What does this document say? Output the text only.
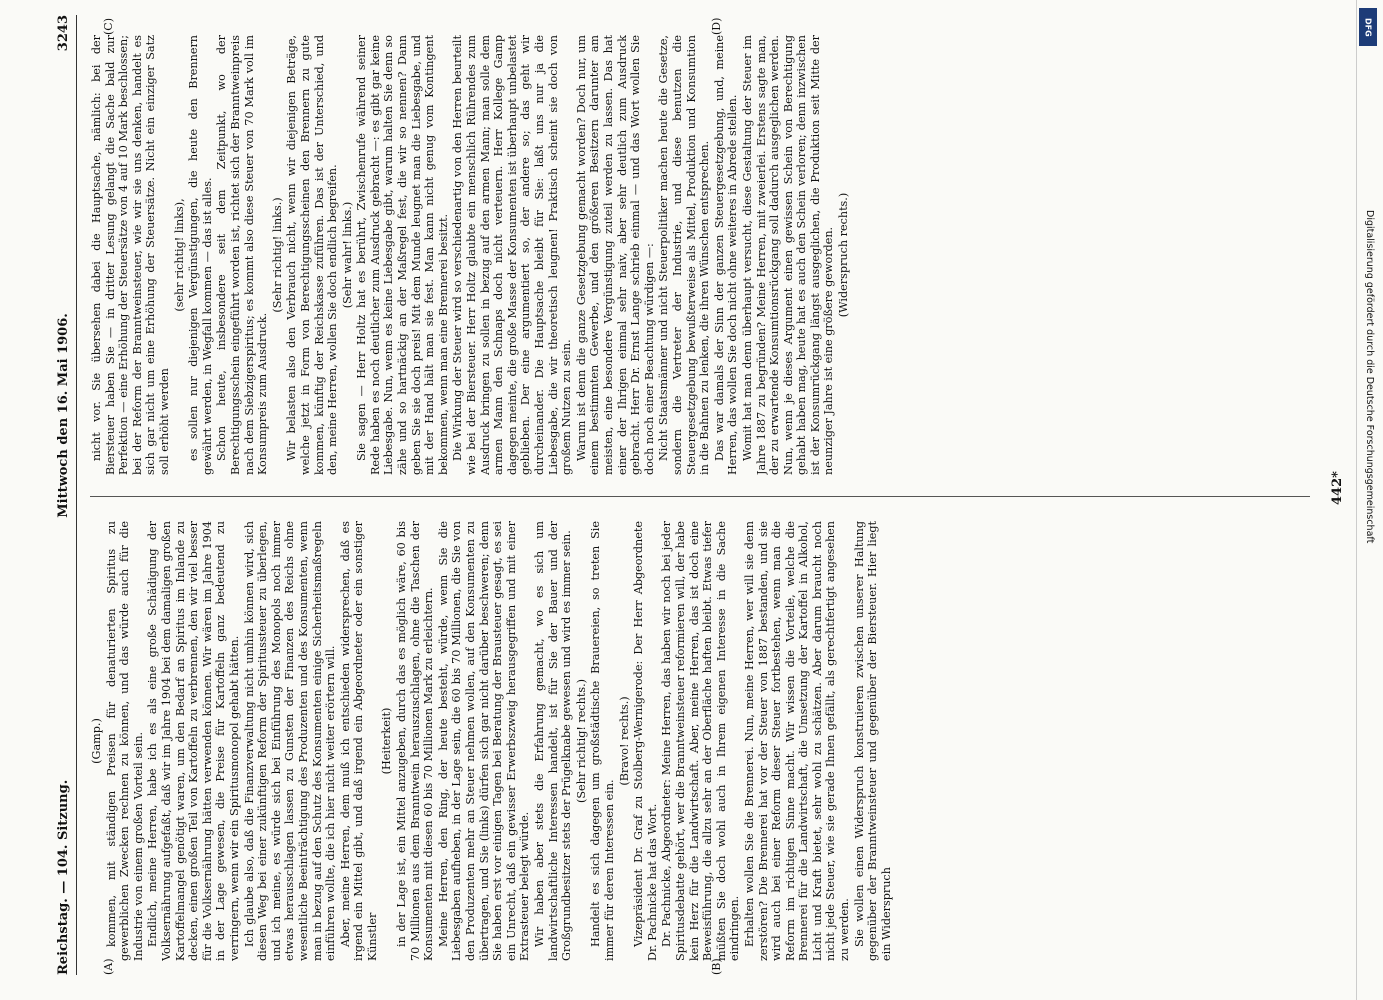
Reichstag. — 104. Sitzung.
Mittwoch den 16. Mai 1906.
3243
(A)	(B)
(C)	(D)

(Gamp.) kommen, mit ständigen Preisen für denaturierten Spiritus zu gewerblichen Zwecken rechnen zu können, und das würde auch für die Industrie von einem großen Vorteil sein. Endlich, meine Herren, habe ich es als eine große Schädigung der Volksernährung aufgefaßt, daß wir im Jahre 1904 bei dem damaligen großen Kartoffelmangel genötigt waren, um den Bedarf an Spiritus im Inlande zu decken, einen großen Teil von Kartoffeln zu verbrennen, den wir viel besser für die Volksernährung hätten verwenden können. Wir wären im Jahre 1904 in der Lage gewesen, die Preise für Kartoffeln ganz bedeutend zu verringern, wenn wir ein Spiritusmonopol gehabt hätten. Ich glaube also, daß die Finanzverwaltung nicht umhin können wird, sich diesen Weg bei einer zukünftigen Reform der Spiritussteuer zu überlegen, und ich meine, es würde sich bei Einführung des Monopols noch immer etwas herausschlagen lassen zu Gunsten der Finanzen des Reichs ohne wesentliche Beeinträchtigung des Produzenten und des Konsumenten, wenn man in bezug auf den Schutz des Konsumenten einige Sicherheitsmaßregeln einführen wollte, die ich hier nicht weiter erörtern will. Aber, meine Herren, dem muß ich entschieden widersprechen, daß es irgend ein Mittel gibt, und daß irgend ein Abgeordneter oder ein sonstiger Künstler

(Heiterkeit) in der Lage ist, ein Mittel anzugeben, durch das es möglich wäre, 60 bis 70 Millionen aus dem Branntwein herauszuschlagen, ohne die Taschen der Konsumenten mit diesen 60 bis 70 Millionen Mark zu erleichtern. Meine Herren, den Ring, der heute besteht, würde, wenn Sie die Liebesgaben aufheben, in der Lage sein, die 60 bis 70 Millionen, die Sie von den Produzenten mehr an Steuer nehmen wollen, auf den Konsumenten zu übertragen, und Sie (links) dürfen sich gar nicht darüber beschweren; denn Sie haben erst vor einigen Tagen bei Beratung der Brausteuer gesagt, es sei ein Unrecht, daß ein gewisser Erwerbszweig herausgegriffen und mit einer Extrasteuer belegt würde. Wir haben aber stets die Erfahrung gemacht, wo es sich um landwirtschaftliche Interessen handelt, ist für Sie der Bauer und der Großgrundbesitzer stets der Prügelknabe gewesen und wird es immer sein. (Sehr richtig! rechts.) Handelt es sich dagegen um großstädtische Brauereien, so treten Sie immer für deren Interessen ein.

(Bravo! rechts.) Vizepräsident Dr. Graf zu Stolberg-Wernigerode: Der Herr Abgeordnete Dr. Pachnicke hat das Wort. Dr. Pachnicke, Abgeordneter: Meine Herren, das haben wir noch bei jeder Spiritusdebatte gehört, wer die Branntweinsteuer reformieren will, der habe kein Herz für die Landwirtschaft. Aber, meine Herren, das ist doch eine Beweisführung, die allzu sehr an der Oberfläche haften bleibt. Etwas tiefer müßten Sie doch wohl auch in Ihrem eigenen Interesse in die Sache eindringen. Erhalten wollen Sie die Brennerei. Nun, meine Herren, wer will sie denn zerstören? Die Brennerei hat vor der Steuer von 1887 bestanden, und sie wird auch bei einer Reform dieser Steuer fortbestehen, wenn man die Reform im richtigen Sinne macht. Wir wissen die Vorteile, welche die Brennerei für die Landwirtschaft, die Umsetzung der Kartoffel in Alkohol, Licht und Kraft bietet, sehr wohl zu schätzen. Aber darum braucht noch nicht jede Steuer, wie sie gerade Ihnen gefällt, als gerechtfertigt angesehen zu werden. Sie wollen einen Widerspruch konstruieren zwischen unserer Haltung gegenüber der Branntweinsteuer und gegenüber der Biersteuer. Hier liegt ein Widerspruch

nicht vor. Sie übersehen dabei die Hauptsache, nämlich: bei der Biersteuer haben Sie — in dritter Lesung gelangt die Sache bald zur Perfektion — eine Erhöhung der Steuersätze von 4 auf 10 Mark beschlossen; bei der Reform der Branntweinsteuer, wie wir sie uns denken, handelt es sich gar nicht um eine Erhöhung der Steuersätze. Nicht ein einziger Satz soll erhöht werden

(sehr richtig! links), es sollen nur diejenigen Vergünstigungen, die heute den Brennern gewährt werden, in Wegfall kommen — das ist alles. Schon heute, insbesondere seit dem Zeitpunkt, wo der Berechtigungsschein eingeführt worden ist, richtet sich der Branntweinpreis nach dem Siebzigerspiritus; es kommt also diese Steuer von 70 Mark voll im Konsumpreis zum Ausdruck.

(Sehr richtig! links.) Wir belasten also den Verbrauch nicht, wenn wir diejenigen Beträge, welche jetzt in Form von Berechtigungsscheinen den Brennern zu gute kommen, künftig der Reichskasse zuführen. Das ist der Unterschied, und den, meine Herren, wollen Sie doch endlich begreifen. (Sehr wahr! links.) Sie sagen — Herr Holtz hat es berührt, Zwischenrufe während seiner Rede haben es noch deutlicher zum Ausdruck gebracht —: es gibt gar keine Liebesgabe. Nun, wenn es keine Liebesgabe gibt, warum halten Sie denn so zähe und so hartnäckig an der Maßregel fest, die wir so nennen? Dann geben Sie sie doch preis! Mit dem Munde leugnet man die Liebesgabe, und mit der Hand hält man sie fest. Man kann nicht genug vom Kontingent bekommen, wenn man eine Brennerei besitzt. Die Wirkung der Steuer wird so verschiedenartig von den Herren beurteilt wie bei der Biersteuer. Herr Holtz glaubte ein menschlich Rührendes zum Ausdruck bringen zu sollen in bezug auf den armen Mann; man solle dem armen Mann den Schnaps doch nicht verteuern. Herr Kollege Gamp dagegen meinte, die große Masse der Konsumenten ist überhaupt unbelastet geblieben. Der eine argumentiert so, der andere so; das geht wir durcheinander. Die Hauptsache bleibt für Sie: laßt uns nur ja die Liebesgabe, die wir theoretisch leugnen! Praktisch scheint sie doch von großem Nutzen zu sein. Warum ist denn die ganze Gesetzgebung gemacht worden? Doch nur, um einem bestimmten Gewerbe, und den größeren Besitzern darunter am meisten, eine besondere Vergünstigung zuteil werden zu lassen. Das hat einer der Ihrigen einmal sehr naiv, aber sehr deutlich zum Ausdruck gebracht. Herr Dr. Ernst Lange schrieb einmal — und das Wort wollen Sie doch noch einer Beachtung würdigen —: Nicht Staatsmänner und nicht Steuerpolitiker machen heute die Gesetze, sondern die Vertreter der Industrie, und diese benutzen die Steuergesetzgebung bewußterweise als Mittel, Produktion und Konsumtion in die Bahnen zu lenken, die ihren Wünschen entsprechen. Das war damals der Sinn der ganzen Steuergesetzgebung, und, meine Herren, das wollen Sie doch nicht ohne weiteres in Abrede stellen. Womit hat man denn überhaupt versucht, diese Gestaltung der Steuer im Jahre 1887 zu begründen? Meine Herren, mit zweierlei. Erstens sagte man, der zu erwartende Konsumtionsrückgang soll dadurch ausgeglichen werden. Nun, wenn je dieses Argument einen gewissen Schein von Berechtigung gehabt haben mag, heute hat es auch den Schein verloren; denn inzwischen ist der Konsumrückgang längst ausgeglichen, die Produktion seit Mitte der neunziger Jahre ist eine größere geworden. (Widerspruch rechts.)

442*
DFG
Digitalisierung gefördert durch die Deutsche Forschungsgemeinschaft
